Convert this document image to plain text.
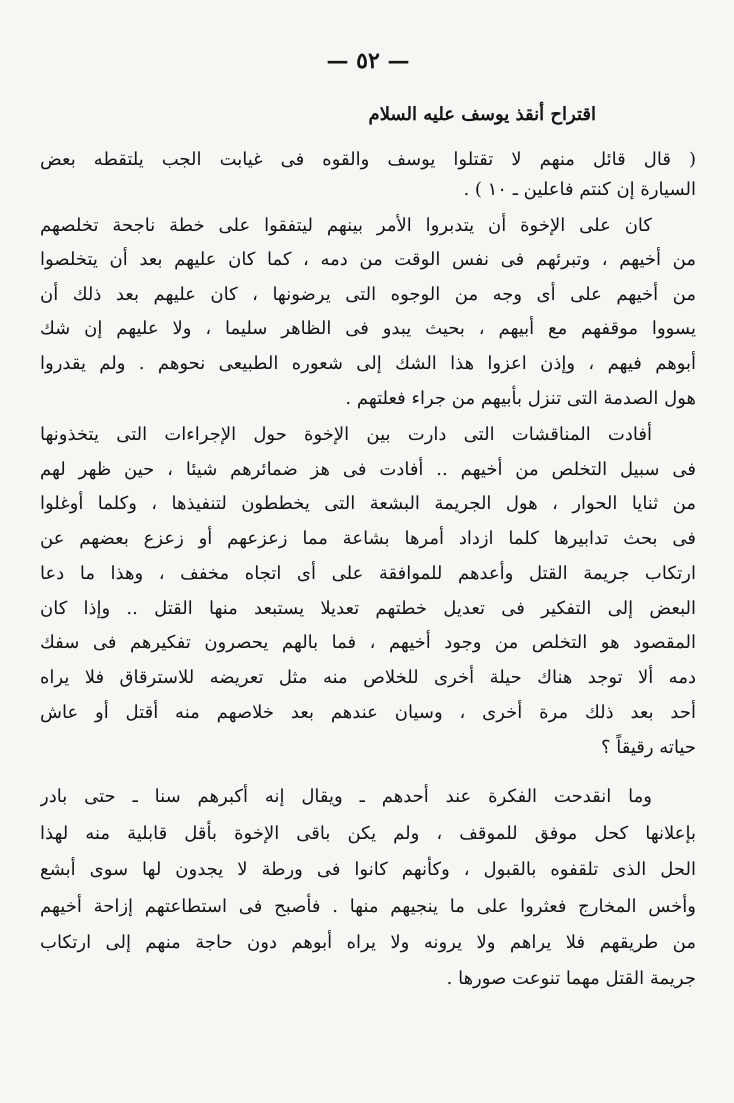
— ٥٢ —
اقتراح أنقذ يوسف عليه السلام
( قال قائل منهم لا تقتلوا يوسف والقوه فى غيابت الجب يلتقطه بعض
السيارة إن كنتم فاعلين ـ ١٠ ) .
كان على الإخوة أن يتدبروا الأمر بينهم ليتفقوا على خطة ناجحة تخلصهم
من أخيهم ، وتبرئهم فى نفس الوقت من دمه ، كما كان عليهم بعد أن يتخلصوا
من أخيهم على أى وجه من الوجوه التى يرضونها ، كان عليهم بعد ذلك أن
يسووا موقفهم مع أبيهم ، بحيث يبدو فى الظاهر سليما ، ولا عليهم إن شك
أبوهم فيهم ، وإذن اعزوا هذا الشك إلى شعوره الطبيعى نحوهم . ولم يقدروا
هول الصدمة التى تنزل بأبيهم من جراء فعلتهم .
أفادت المناقشات التى دارت بين الإخوة حول الإجراءات التى يتخذونها
فى سبيل التخلص من أخيهم .. أفادت فى هز ضمائرهم شيئا ، حين ظهر لهم
من ثنايا الحوار ، هول الجريمة البشعة التى يخططون لتنفيذها ، وكلما أوغلوا
فى بحث تدابيرها كلما ازداد أمرها بشاعة مما زعزعهم أو زعزع بعضهم عن
ارتكاب جريمة القتل وأعدهم للموافقة على أى اتجاه مخفف ، وهذا ما دعا
البعض إلى التفكير فى تعديل خطتهم تعديلا يستبعد منها القتل .. وإذا كان
المقصود هو التخلص من وجود أخيهم ، فما بالهم يحصرون تفكيرهم فى سفك
دمه ألا توجد هناك حيلة أخرى للخلاص منه مثل تعريضه للاسترقاق فلا يراه
أحد بعد ذلك مرة أخرى ، وسيان عندهم بعد خلاصهم منه أقتل أو عاش
حياته رقيقاً ؟
وما انقدحت الفكرة عند أحدهم ـ ويقال إنه أكبرهم سنا ـ حتى بادر
بإعلانها كحل موفق للموقف ، ولم يكن باقى الإخوة بأقل قابلية منه لهذا
الحل الذى تلقفوه بالقبول ، وكأنهم كانوا فى ورطة لا يجدون لها سوى أبشع
وأخس المخارج فعثروا على ما ينجيهم منها . فأصبح فى استطاعتهم إزاحة أخيهم
من طريقهم فلا يراهم ولا يرونه ولا يراه أبوهم دون حاجة منهم إلى ارتكاب
جريمة القتل مهما تنوعت صورها .
